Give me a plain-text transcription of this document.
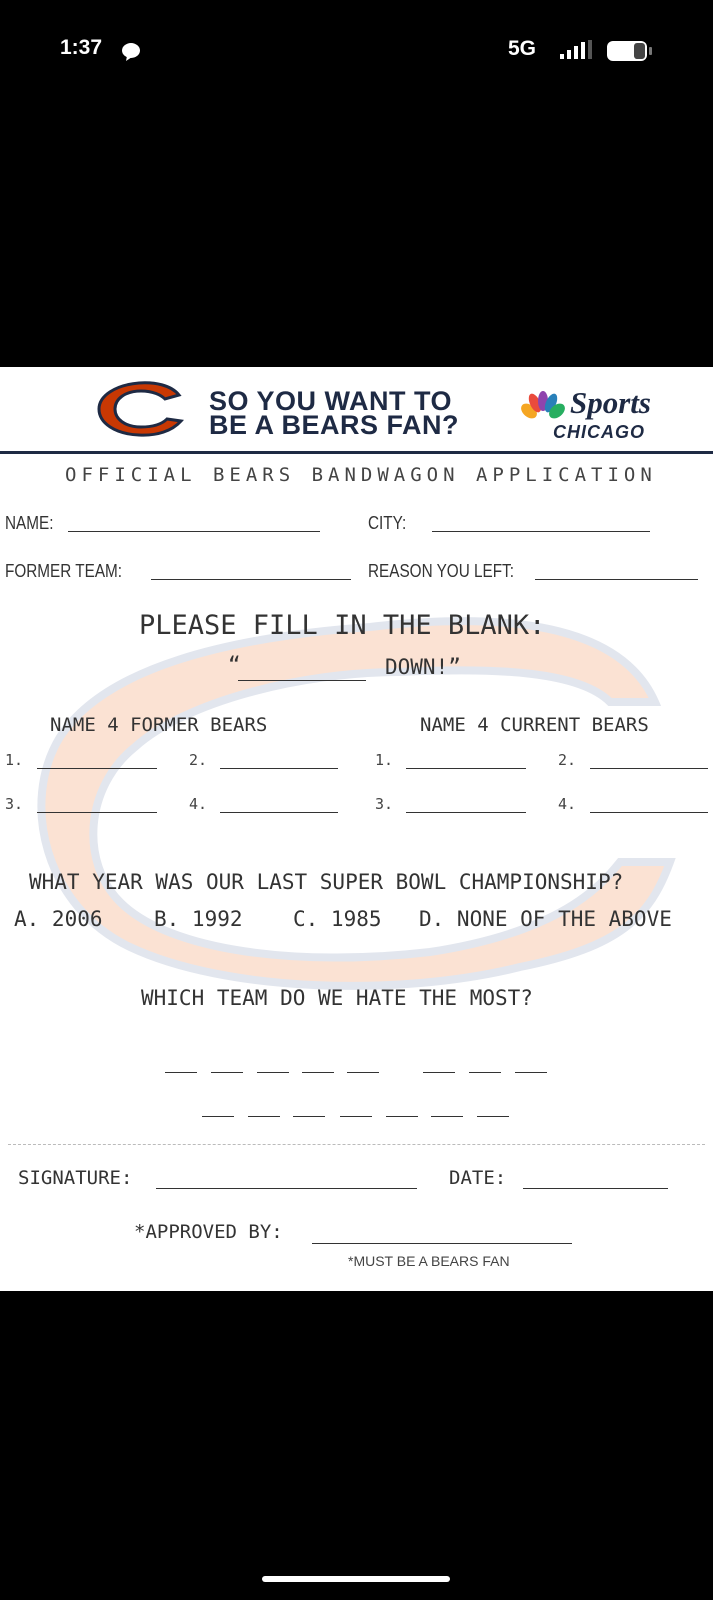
1:37	5G
SO YOU WANT TO
BE A BEARS FAN?
Sports
CHICAGO
OFFICIAL BEARS BANDWAGON APPLICATION
NAME:	CITY:
FORMER TEAM:	REASON YOU LEFT:
PLEASE FILL IN THE BLANK:
“	DOWN!”
NAME 4 FORMER BEARS	NAME 4 CURRENT BEARS
1.	2.	1.	2.
3.	4.	3.	4.
WHAT YEAR WAS OUR LAST SUPER BOWL CHAMPIONSHIP?
A. 2006 B. 1992 C. 1985 D. NONE OF THE ABOVE
WHICH TEAM DO WE HATE THE MOST?
SIGNATURE:	DATE:
*APPROVED BY:
*MUST BE A BEARS FAN
